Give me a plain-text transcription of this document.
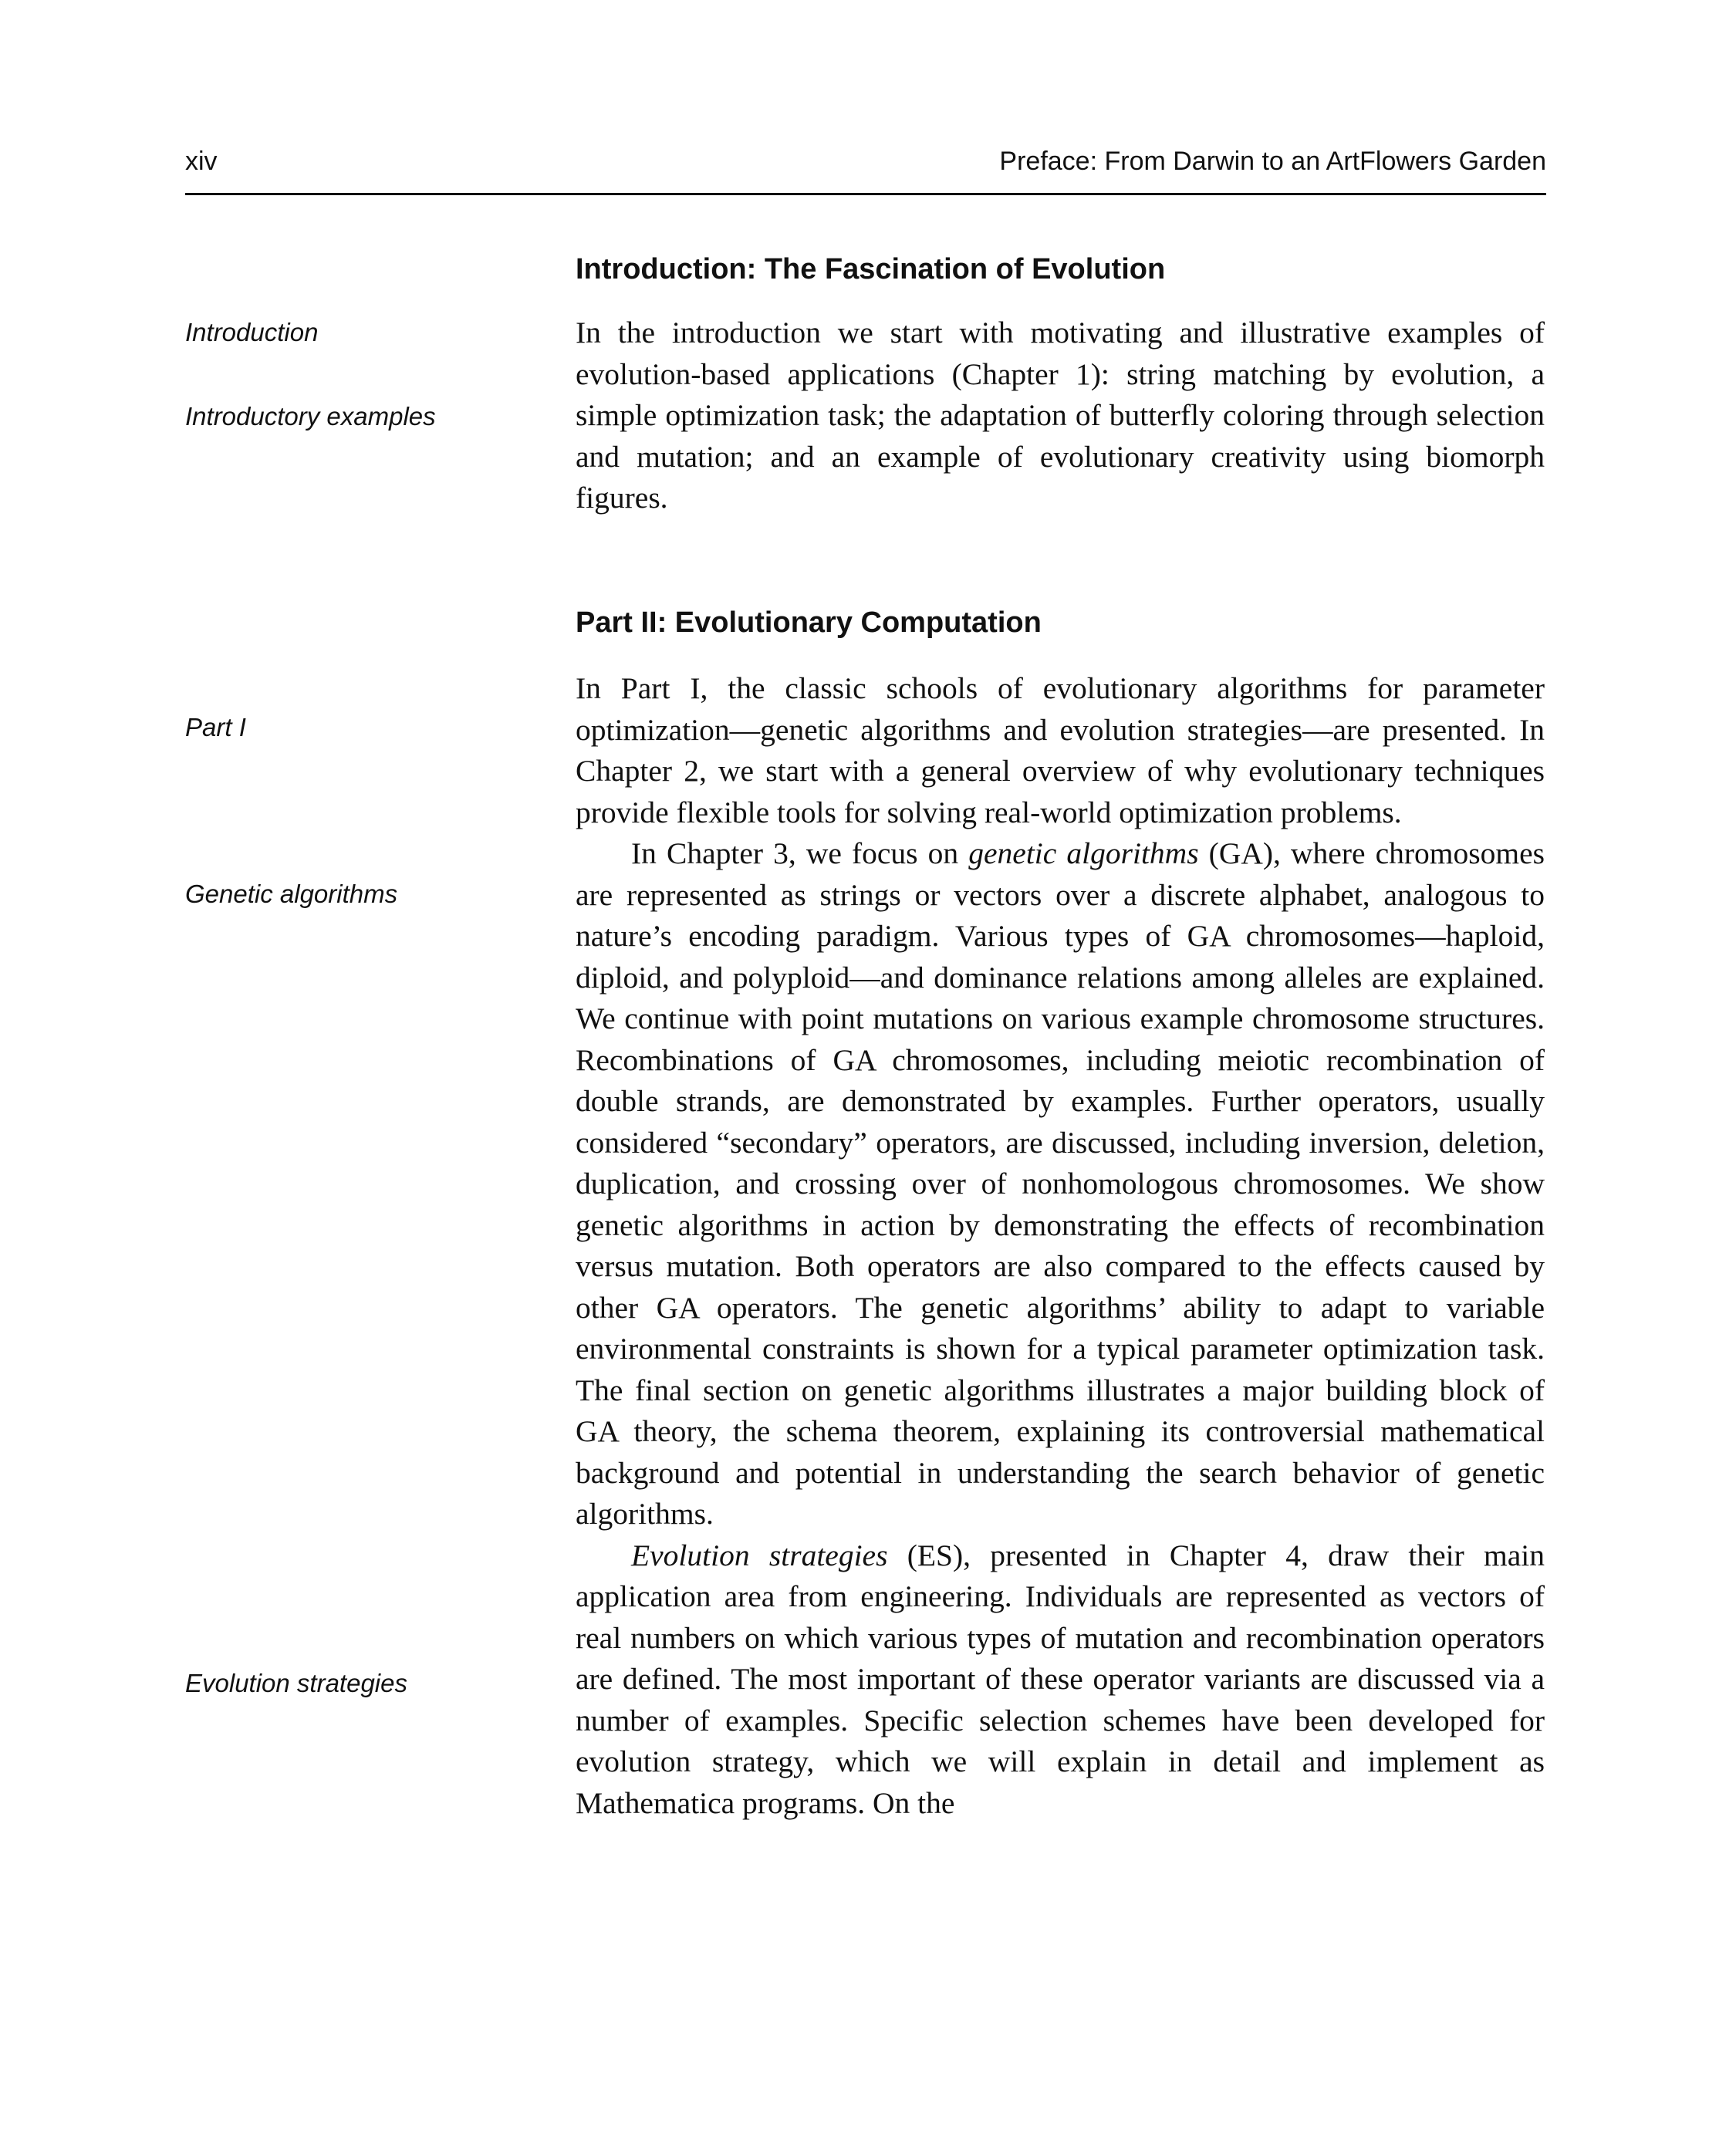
xiv	Preface: From Darwin to an ArtFlowers Garden
Introduction: The Fascination of Evolution
Introduction
Introductory examples

In the introduction we start with motivating and illustrative examples of evolution-based applications (Chapter 1): string matching by evolution, a simple optimization task; the adaptation of butterfly coloring through selection and mutation; and an example of evolutionary creativity using biomorph figures.

Part II: Evolutionary Computation
Part I
Genetic algorithms
Evolution strategies

In Part I, the classic schools of evolutionary algorithms for parameter optimization—genetic algorithms and evolution strategies—are presented. In Chapter 2, we start with a general overview of why evolutionary techniques provide flexible tools for solving real-world optimization problems.

In Chapter 3, we focus on genetic algorithms (GA), where chromosomes are represented as strings or vectors over a discrete alphabet, analogous to nature’s encoding paradigm. Various types of GA chromosomes—haploid, diploid, and polyploid—and dominance relations among alleles are explained. We continue with point mutations on various example chromosome structures. Recombinations of GA chromosomes, including meiotic recombination of double strands, are demonstrated by examples. Further operators, usually considered “secondary” operators, are discussed, including inversion, deletion, duplication, and crossing over of nonhomologous chromosomes. We show genetic algorithms in action by demonstrating the effects of recombination versus mutation. Both operators are also compared to the effects caused by other GA operators. The genetic algorithms’ ability to adapt to variable environmental constraints is shown for a typical parameter optimization task. The final section on genetic algorithms illustrates a major building block of GA theory, the schema theorem, explaining its controversial mathematical background and potential in understanding the search behavior of genetic algorithms.

Evolution strategies (ES), presented in Chapter 4, draw their main application area from engineering. Individuals are represented as vectors of real numbers on which various types of mutation and recombination operators are defined. The most important of these operator variants are discussed via a number of examples. Specific selection schemes have been developed for evolution strategy, which we will explain in detail and implement as Mathematica programs. On the
